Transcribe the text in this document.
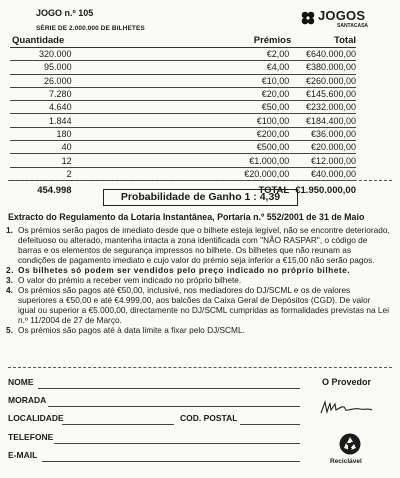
JOGO n.º 105
SÉRIE DE 2.000.000 DE BILHETES
JOGOS
SANTACASA
Quantidade	Prémios	Total
320.000	€2,00	€640.000,00
95.000	€4,00	€380.000,00
26.000	€10,00	€260.000,00
7.280	€20,00	€145.600,00
4.640	€50,00	€232.000,00
1.844	€100,00	€184.400,00
180	€200,00	€36.000,00
40	€500,00	€20.000,00
12	€1.000,00	€12.000,00
2	€20.000,00	€40.000,00
454.998	TOTAL	€1.950.000,00
Probabilidade de Ganho 1 : 4,39
Extracto do Regulamento da Lotaria Instantânea, Portaria n.º 552/2001 de 31 de Maio

1. Os prémios serão pagos de imediato desde que o bilhete esteja legível, não se encontre deteriorado, defeituoso ou alterado, mantenha intacta a zona identificada com "NÃO RASPAR", o código de barras e os elementos de segurança impressos no bilhete. Os bilhetes que não reunam as condições de pagamento imediato e cujo valor do prémio seja inferior a €15,00 não serão pagos.

2. Os bilhetes só podem ser vendidos pelo preço indicado no próprio bilhete.

3. O valor do prémio a receber vem indicado no próprio bilhete.

4. Os prémios são pagos até €50,00, inclusivé, nos mediadores do DJ/SCML e os de valores superiores a €50,00 e até €4.999,00, aos balcões da Caixa Geral de Depósitos (CGD). De valor igual ou superior a €5.000,00, directamente no DJ/SCML cumpridas as formalidades previstas na Lei n.º 11/2004 de 27 de Março.

5. Os prémios são pagos até à data limite a fixar pelo DJ/SCML.

NOME
MORADA
LOCALIDADE	COD. POSTAL
TELEFONE
E-MAIL
O Provedor
Reciclável
